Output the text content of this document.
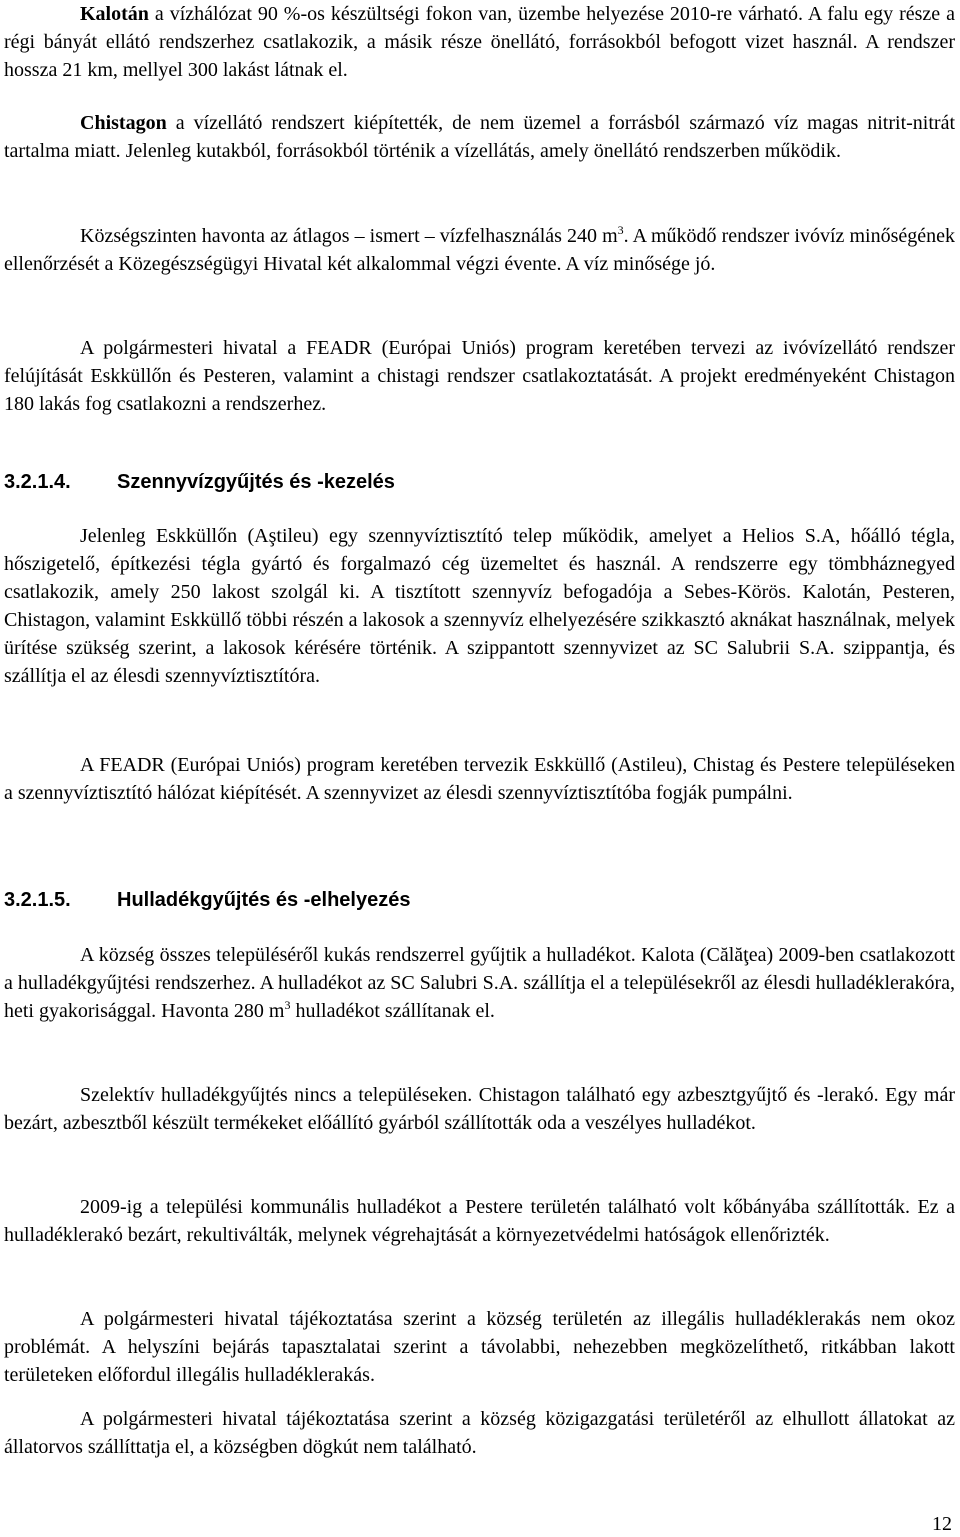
Kalotán a vízhálózat 90 %-os készültségi fokon van, üzembe helyezése 2010-re várható. A falu egy része a régi bányát ellátó rendszerhez csatlakozik, a másik része önellátó, forrásokból befogott vizet használ. A rendszer hossza 21 km, mellyel 300 lakást látnak el.

Chistagon a vízellátó rendszert kiépítették, de nem üzemel a forrásból származó víz magas nitrit-nitrát tartalma miatt. Jelenleg kutakból, forrásokból történik a vízellátás, amely önellátó rendszerben működik.

Községszinten havonta az átlagos – ismert – vízfelhasználás 240 $m^3$. A működő rendszer ivóvíz minőségének ellenőrzését a Közegészségügyi Hivatal két alkalommal végzi évente. A víz minősége jó.

A polgármesteri hivatal a FEADR (Európai Uniós) program keretében tervezi az ivóvízellátó rendszer felújítását Eskküllőn és Pesteren, valamint a chistagi rendszer csatlakoztatását. A projekt eredményeként Chistagon 180 lakás fog csatlakozni a rendszerhez.

3.2.1.4. Szennyvízgyűjtés és -kezelés

Jelenleg Eskküllőn (Aştileu) egy szennyvíztisztító telep működik, amelyet a Helios S.A, hőálló tégla, hőszigetelő, építkezési tégla gyártó és forgalmazó cég üzemeltet és használ. A rendszerre egy tömbháznegyed csatlakozik, amely 250 lakost szolgál ki. A tisztított szennyvíz befogadója a Sebes-Körös. Kalotán, Pesteren, Chistagon, valamint Eskküllő többi részén a lakosok a szennyvíz elhelyezésére szikkasztó aknákat használnak, melyek ürítése szükség szerint, a lakosok kérésére történik. A szippantott szennyvizet az SC Salubrii S.A. szippantja, és szállítja el az élesdi szennyvíztisztítóra.

A FEADR (Európai Uniós) program keretében tervezik Eskküllő (Astileu), Chistag és Pestere településeken a szennyvíztisztító hálózat kiépítését. A szennyvizet az élesdi szennyvíztisztítóba fogják pumpálni.

3.2.1.5. Hulladékgyűjtés és -elhelyezés

A község összes településéről kukás rendszerrel gyűjtik a hulladékot. Kalota (Călăţea) 2009-ben csatlakozott a hulladékgyűjtési rendszerhez. A hulladékot az SC Salubri S.A. szállítja el a településekről az élesdi hulladéklerakóra, heti gyakorisággal. Havonta 280 $m^3$ hulladékot szállítanak el.

Szelektív hulladékgyűjtés nincs a településeken. Chistagon található egy azbesztgyűjtő és -lerakó. Egy már bezárt, azbesztből készült termékeket előállító gyárból szállították oda a veszélyes hulladékot.

2009-ig a települési kommunális hulladékot a Pestere területén található volt kőbányába szállították. Ez a hulladéklerakó bezárt, rekultiválták, melynek végrehajtását a környezetvédelmi hatóságok ellenőrizték.

A polgármesteri hivatal tájékoztatása szerint a község területén az illegális hulladéklerakás nem okoz problémát. A helyszíni bejárás tapasztalatai szerint a távolabbi, nehezebben megközelíthető, ritkábban lakott területeken előfordul illegális hulladéklerakás.

A polgármesteri hivatal tájékoztatása szerint a község közigazgatási területéről az elhullott állatokat az állatorvos szállíttatja el, a községben dögkút nem található.

12
